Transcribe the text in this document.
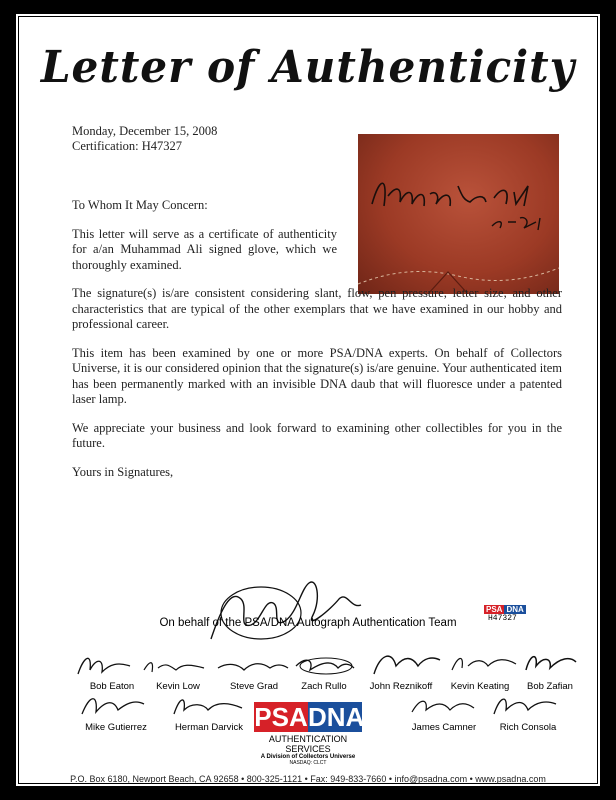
Letter of Authenticity
Monday, December 15, 2008
Certification: H47327

To Whom It May Concern:

This letter will serve as a certificate of authenticity for a/an Muhammad Ali signed glove, which we thoroughly examined.

The signature(s) is/are consistent considering slant, flow, pen pressure, letter size, and other characteristics that are typical of the other exemplars that we have examined in our hobby and professional career.

This item has been examined by one or more PSA/DNA experts. On behalf of Collectors Universe, it is our considered opinion that the signature(s) is/are genuine. Your authenticated item has been permanently marked with an invisible DNA daub that will fluoresce under a patented laser lamp.

We appreciate your business and look forward to examining other collectibles for you in the future.

Yours in Signatures,

On behalf of the PSA/DNA Autograph Authentication Team
PSA DNA
H47327
Bob Eaton	Kevin Low	Steve Grad	Zach Rullo	John Reznikoff	Kevin Keating	Bob Zafian
Mike Gutierrez	Herman Darvick	James Camner	Rich Consola
PSA DNA
AUTHENTICATION SERVICES
A Division of Collectors Universe
NASDAQ: CLCT
P.O. Box 6180, Newport Beach, CA 92658 • 800-325-1121 • Fax: 949-833-7660 • info@psadna.com • www.psadna.com
